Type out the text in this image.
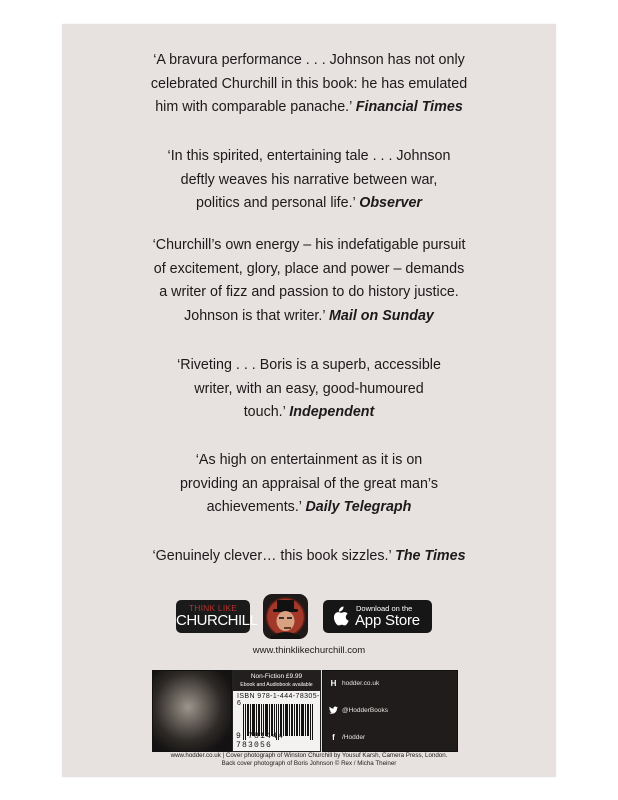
‘A bravura performance . . . Johnson has not only
celebrated Churchill in this book: he has emulated
him with comparable panache.’ Financial Times
‘In this spirited, entertaining tale . . . Johnson
deftly weaves his narrative between war,
politics and personal life.’ Observer
‘Churchill’s own energy – his indefatigable pursuit
of excitement, glory, place and power – demands
a writer of fizz and passion to do history justice.
Johnson is that writer.’ Mail on Sunday
‘Riveting . . . Boris is a superb, accessible
writer, with an easy, good-humoured
touch.’ Independent
‘As high on entertainment as it is on
providing an appraisal of the great man’s
achievements.’ Daily Telegraph
‘Genuinely clever… this book sizzles.’ The Times
THINK LIKE
CHURCHILL
Download on the
App Store
www.thinklikechurchill.com
Non-Fiction £9.99
Ebook and Audiobook available
ISBN 978-1-444-78305-6
9 781444 783056
H hodder.co.uk
@HodderBooks
f	/Hodder
www.hodder.co.uk | Cover photograph of Winston Churchill by Yousuf Karsh, Camera Press, London.
Back cover photograph of Boris Johnson © Rex / Micha Theiner
